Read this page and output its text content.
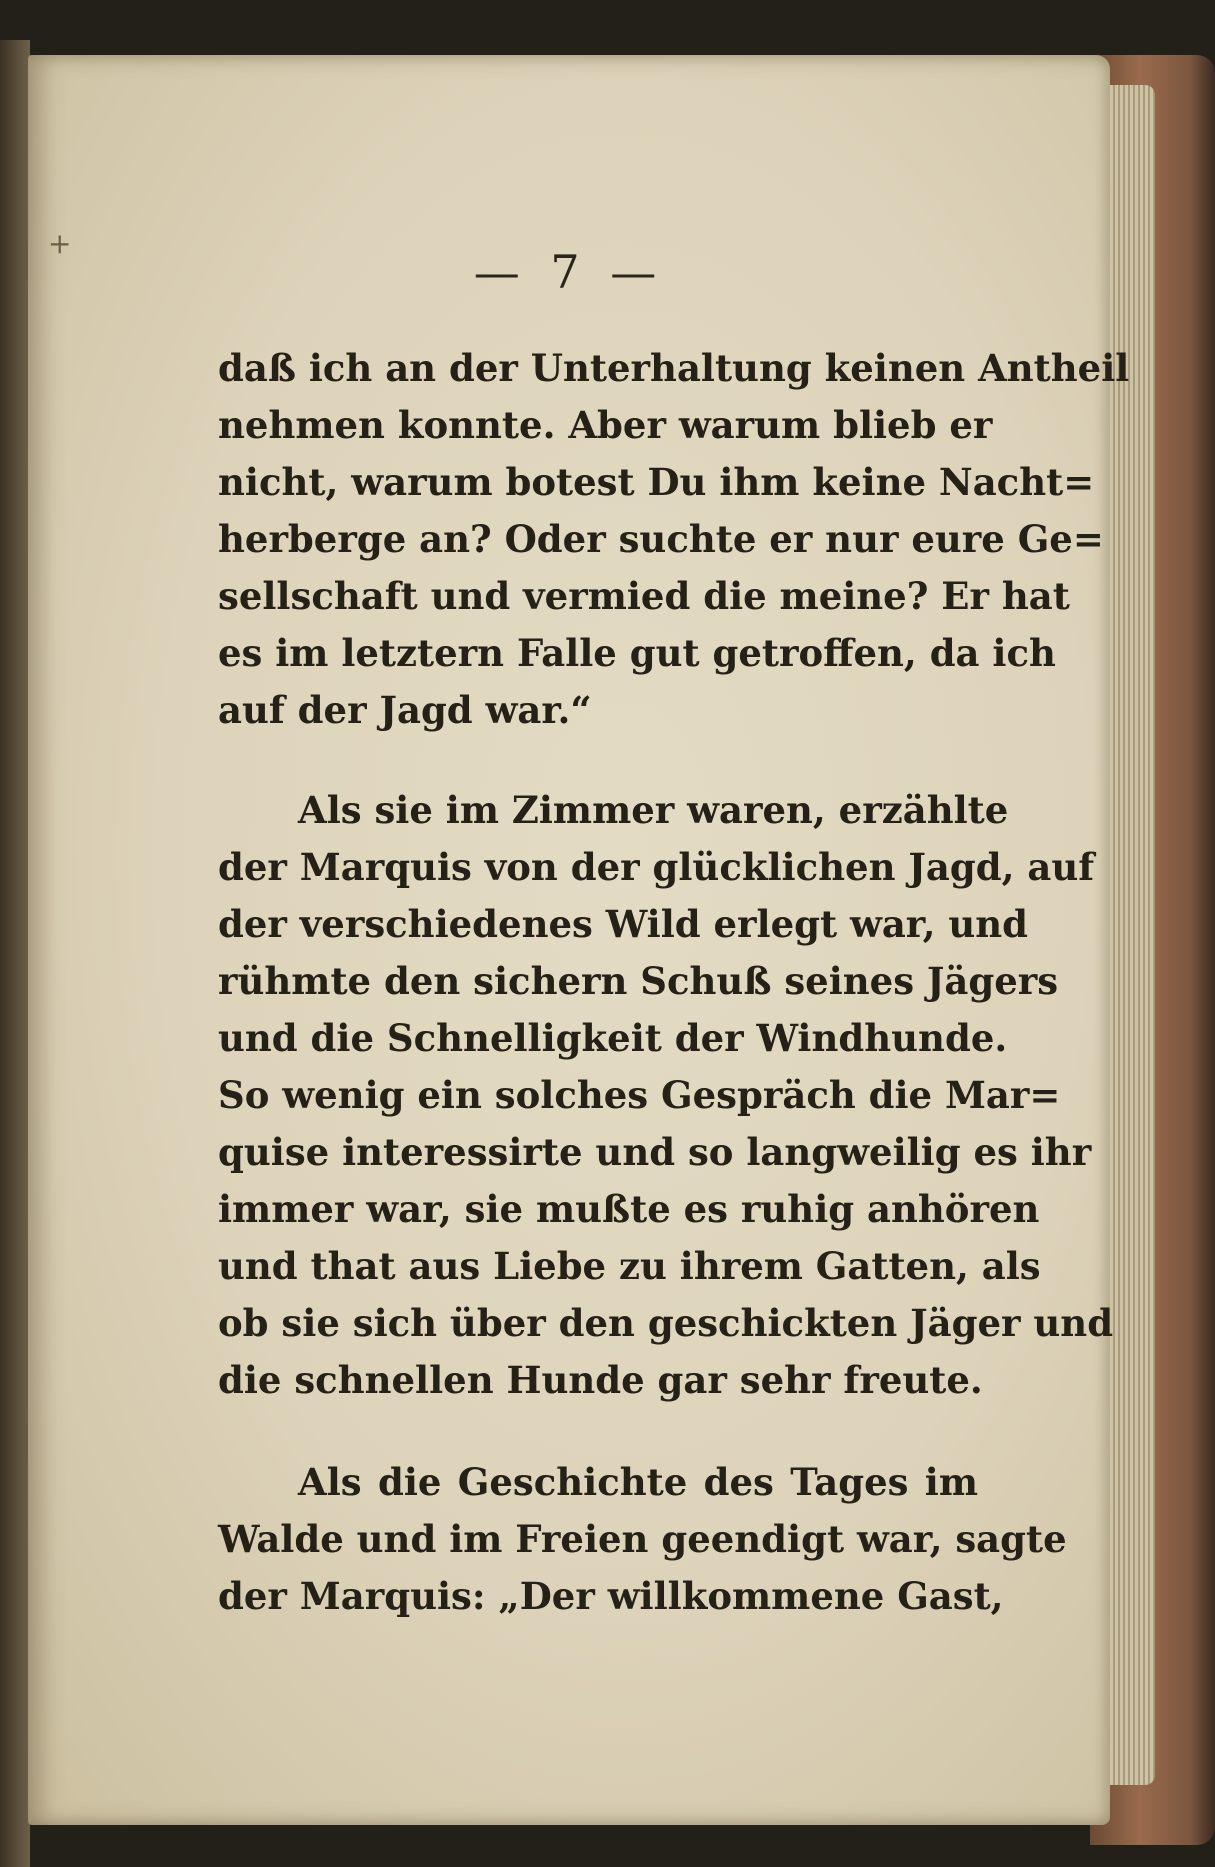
+
— 7 —
daß ich an der Unterhaltung keinen Antheil
nehmen konnte. Aber warum blieb er
nicht, warum botest Du ihm keine Nacht=
herberge an? Oder suchte er nur eure Ge=
sellschaft und vermied die meine? Er hat
es im letztern Falle gut getroffen, da ich
auf der Jagd war.“
Als sie im Zimmer waren, erzählte
der Marquis von der glücklichen Jagd, auf
der verschiedenes Wild erlegt war, und
rühmte den sichern Schuß seines Jägers
und die Schnelligkeit der Windhunde.
So wenig ein solches Gespräch die Mar=
quise interessirte und so langweilig es ihr
immer war, sie mußte es ruhig anhören
und that aus Liebe zu ihrem Gatten, als
ob sie sich über den geschickten Jäger und
die schnellen Hunde gar sehr freute.
Als die Geschichte des Tages im
Walde und im Freien geendigt war, sagte
der Marquis: „Der willkommene Gast,
